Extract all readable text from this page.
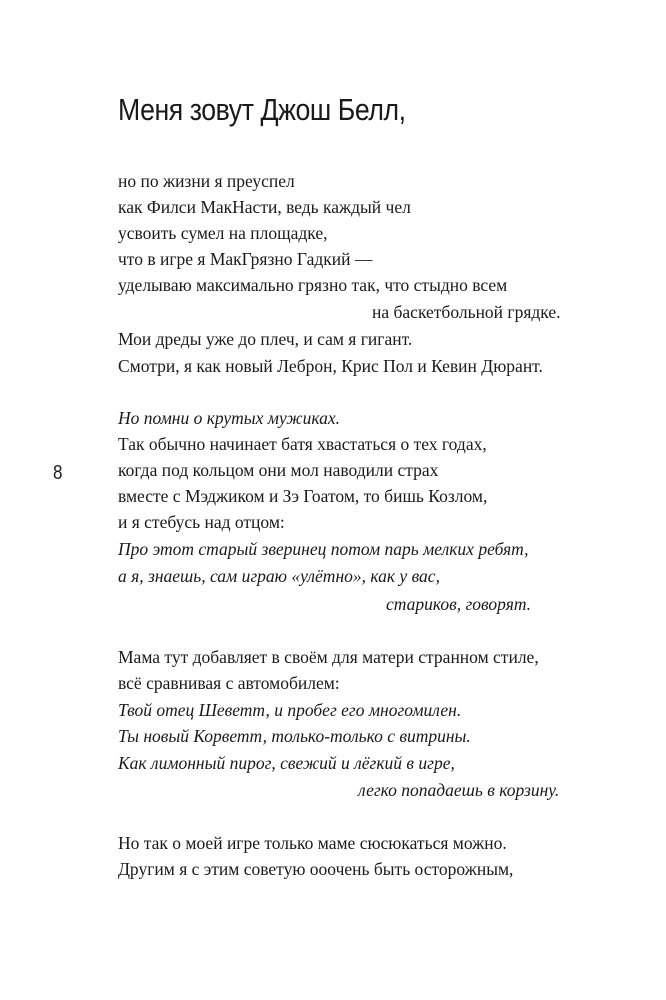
Меня зовут Джош Белл,
8
но по жизни я преуспел
как Филси МакНасти, ведь каждый чел
усвоить сумел на площадке,
что в игре я МакГрязно Гадкий —
уделываю максимально грязно так, что стыдно всем
на баскетбольной грядке.
Мои дреды уже до плеч, и сам я гигант.
Смотри, я как новый Леброн, Крис Пол и Кевин Дюрант.
Но помни о крутых мужиках.
Так обычно начинает батя хвастаться о тех годах,
когда под кольцом они мол наводили страх
вместе с Мэджиком и Зэ Гоатом, то бишь Козлом,
и я стебусь над отцом:
Про этот старый зверинец потом парь мелких ребят,
а я, знаешь, сам играю «улётно», как у вас,
стариков, говорят.
Мама тут добавляет в своём для матери странном стиле,
всё сравнивая с автомобилем:
Твой отец Шеветт, и пробег его многомилен.
Ты новый Корветт, только-только с витрины.
Как лимонный пирог, свежий и лёгкий в игре,
легко попадаешь в корзину.
Но так о моей игре только маме сюсюкаться можно.
Другим я с этим советую ооочень быть осторожным,
